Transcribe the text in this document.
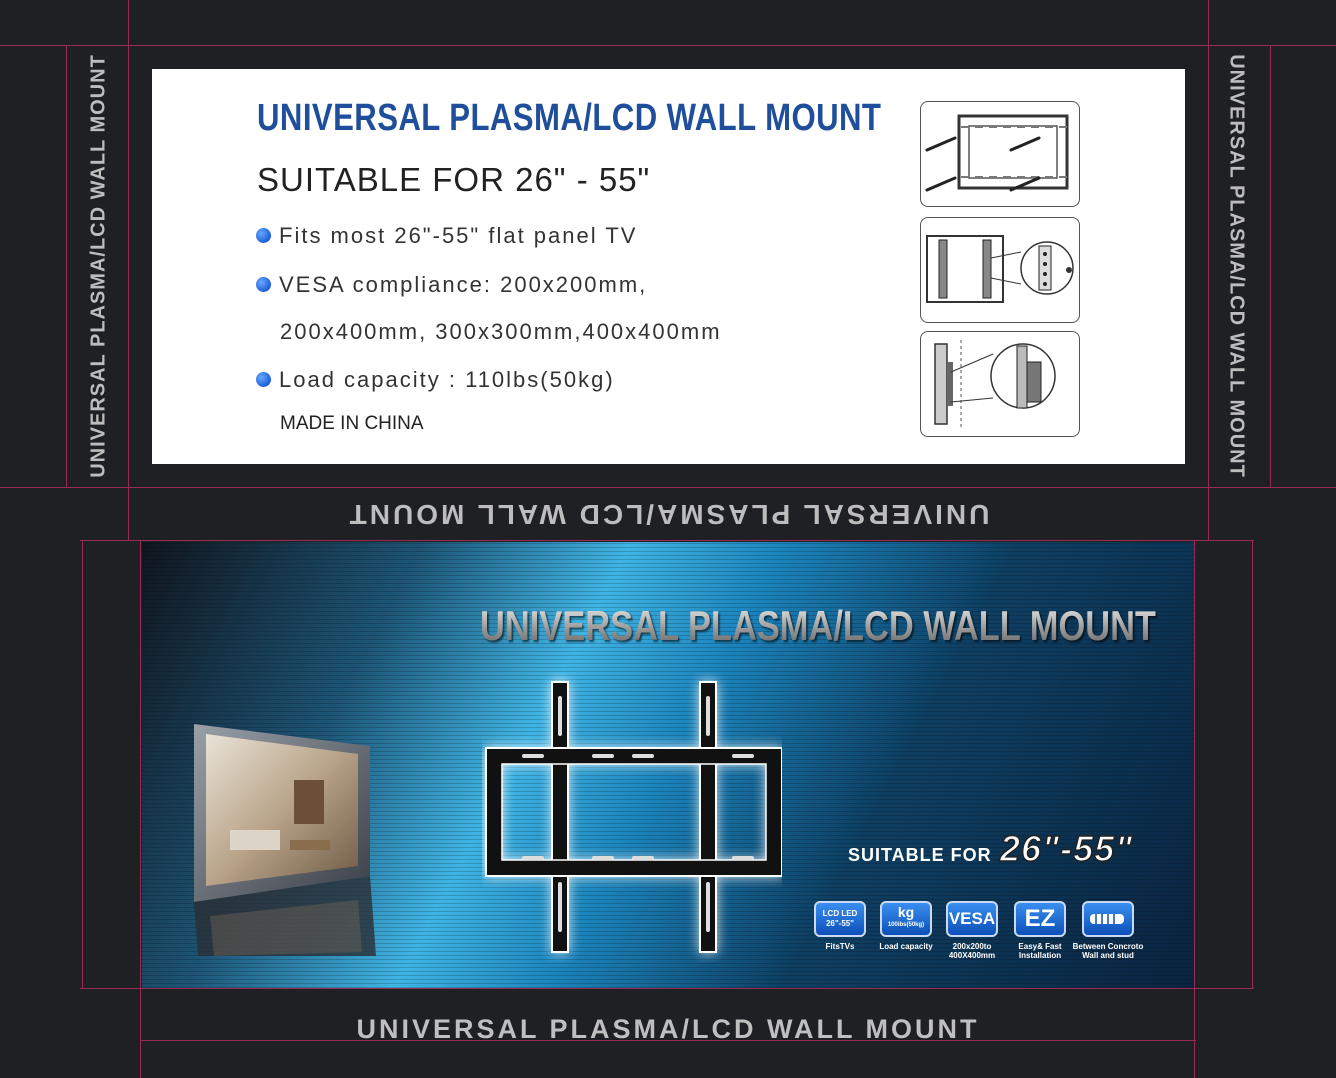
UNIVERSAL PLASMA/LCD WALL MOUNT	UNIVERSAL PLASMA/LCD WALL MOUNT
UNIVERSAL PLASMA/LCD WALL MOUNT
SUITABLE FOR 26" - 55"
Fits most 26"-55" flat panel TV
VESA compliance: 200x200mm,
200x400mm, 300x300mm,400x400mm
Load capacity : 110lbs(50kg)
MADE IN CHINA
UNIVERSAL PLASMA/LCD WALL MOUNT
UNIVERSAL PLASMA/LCD WALL MOUNT
SUITABLE FOR 26"-55"
LCD LED 26"-55"
FitsTVs
kg
100ibs(50kg)
Load capacity
VESA
200x200to 400X400mm
EZ
Easy& Fast Installation
Between Concroto Wall and stud
UNIVERSAL PLASMA/LCD WALL MOUNT
